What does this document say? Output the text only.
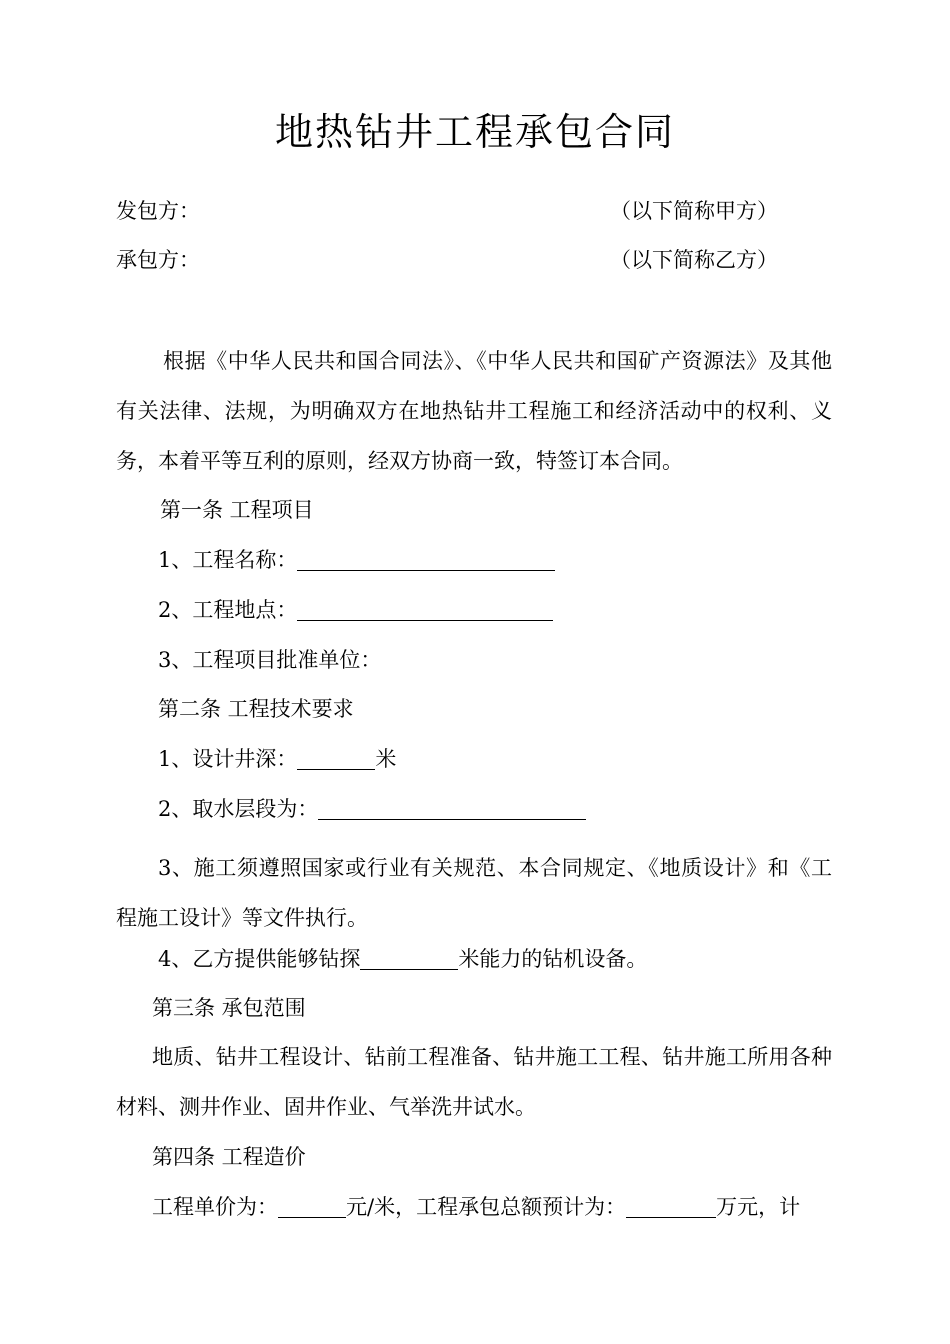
地热钻井工程承包合同
发包方：	（以下简称甲方）
承包方：	（以下简称乙方）
根据《中华人民共和国合同法》、《中华人民共和国矿产资源法》及其他有关法律、法规，为明确双方在地热钻井工程施工和经济活动中的权利、义务，本着平等互利的原则，经双方协商一致，特签订本合同。
第一条 工程项目
1、工程名称：
2、工程地点：
3、工程项目批准单位：
第二条 工程技术要求
1、设计井深：	米
2、取水层段为：
3、施工须遵照国家或行业有关规范、本合同规定、《地质设计》和《工程施工设计》等文件执行。
4、乙方提供能够钻探	米能力的钻机设备。
第三条 承包范围
地质、钻井工程设计、钻前工程准备、钻井施工工程、钻井施工所用各种材料、测井作业、固井作业、气举洗井试水。
第四条 工程造价
工程单价为：	元/米，工程承包总额预计为：	万元，计
